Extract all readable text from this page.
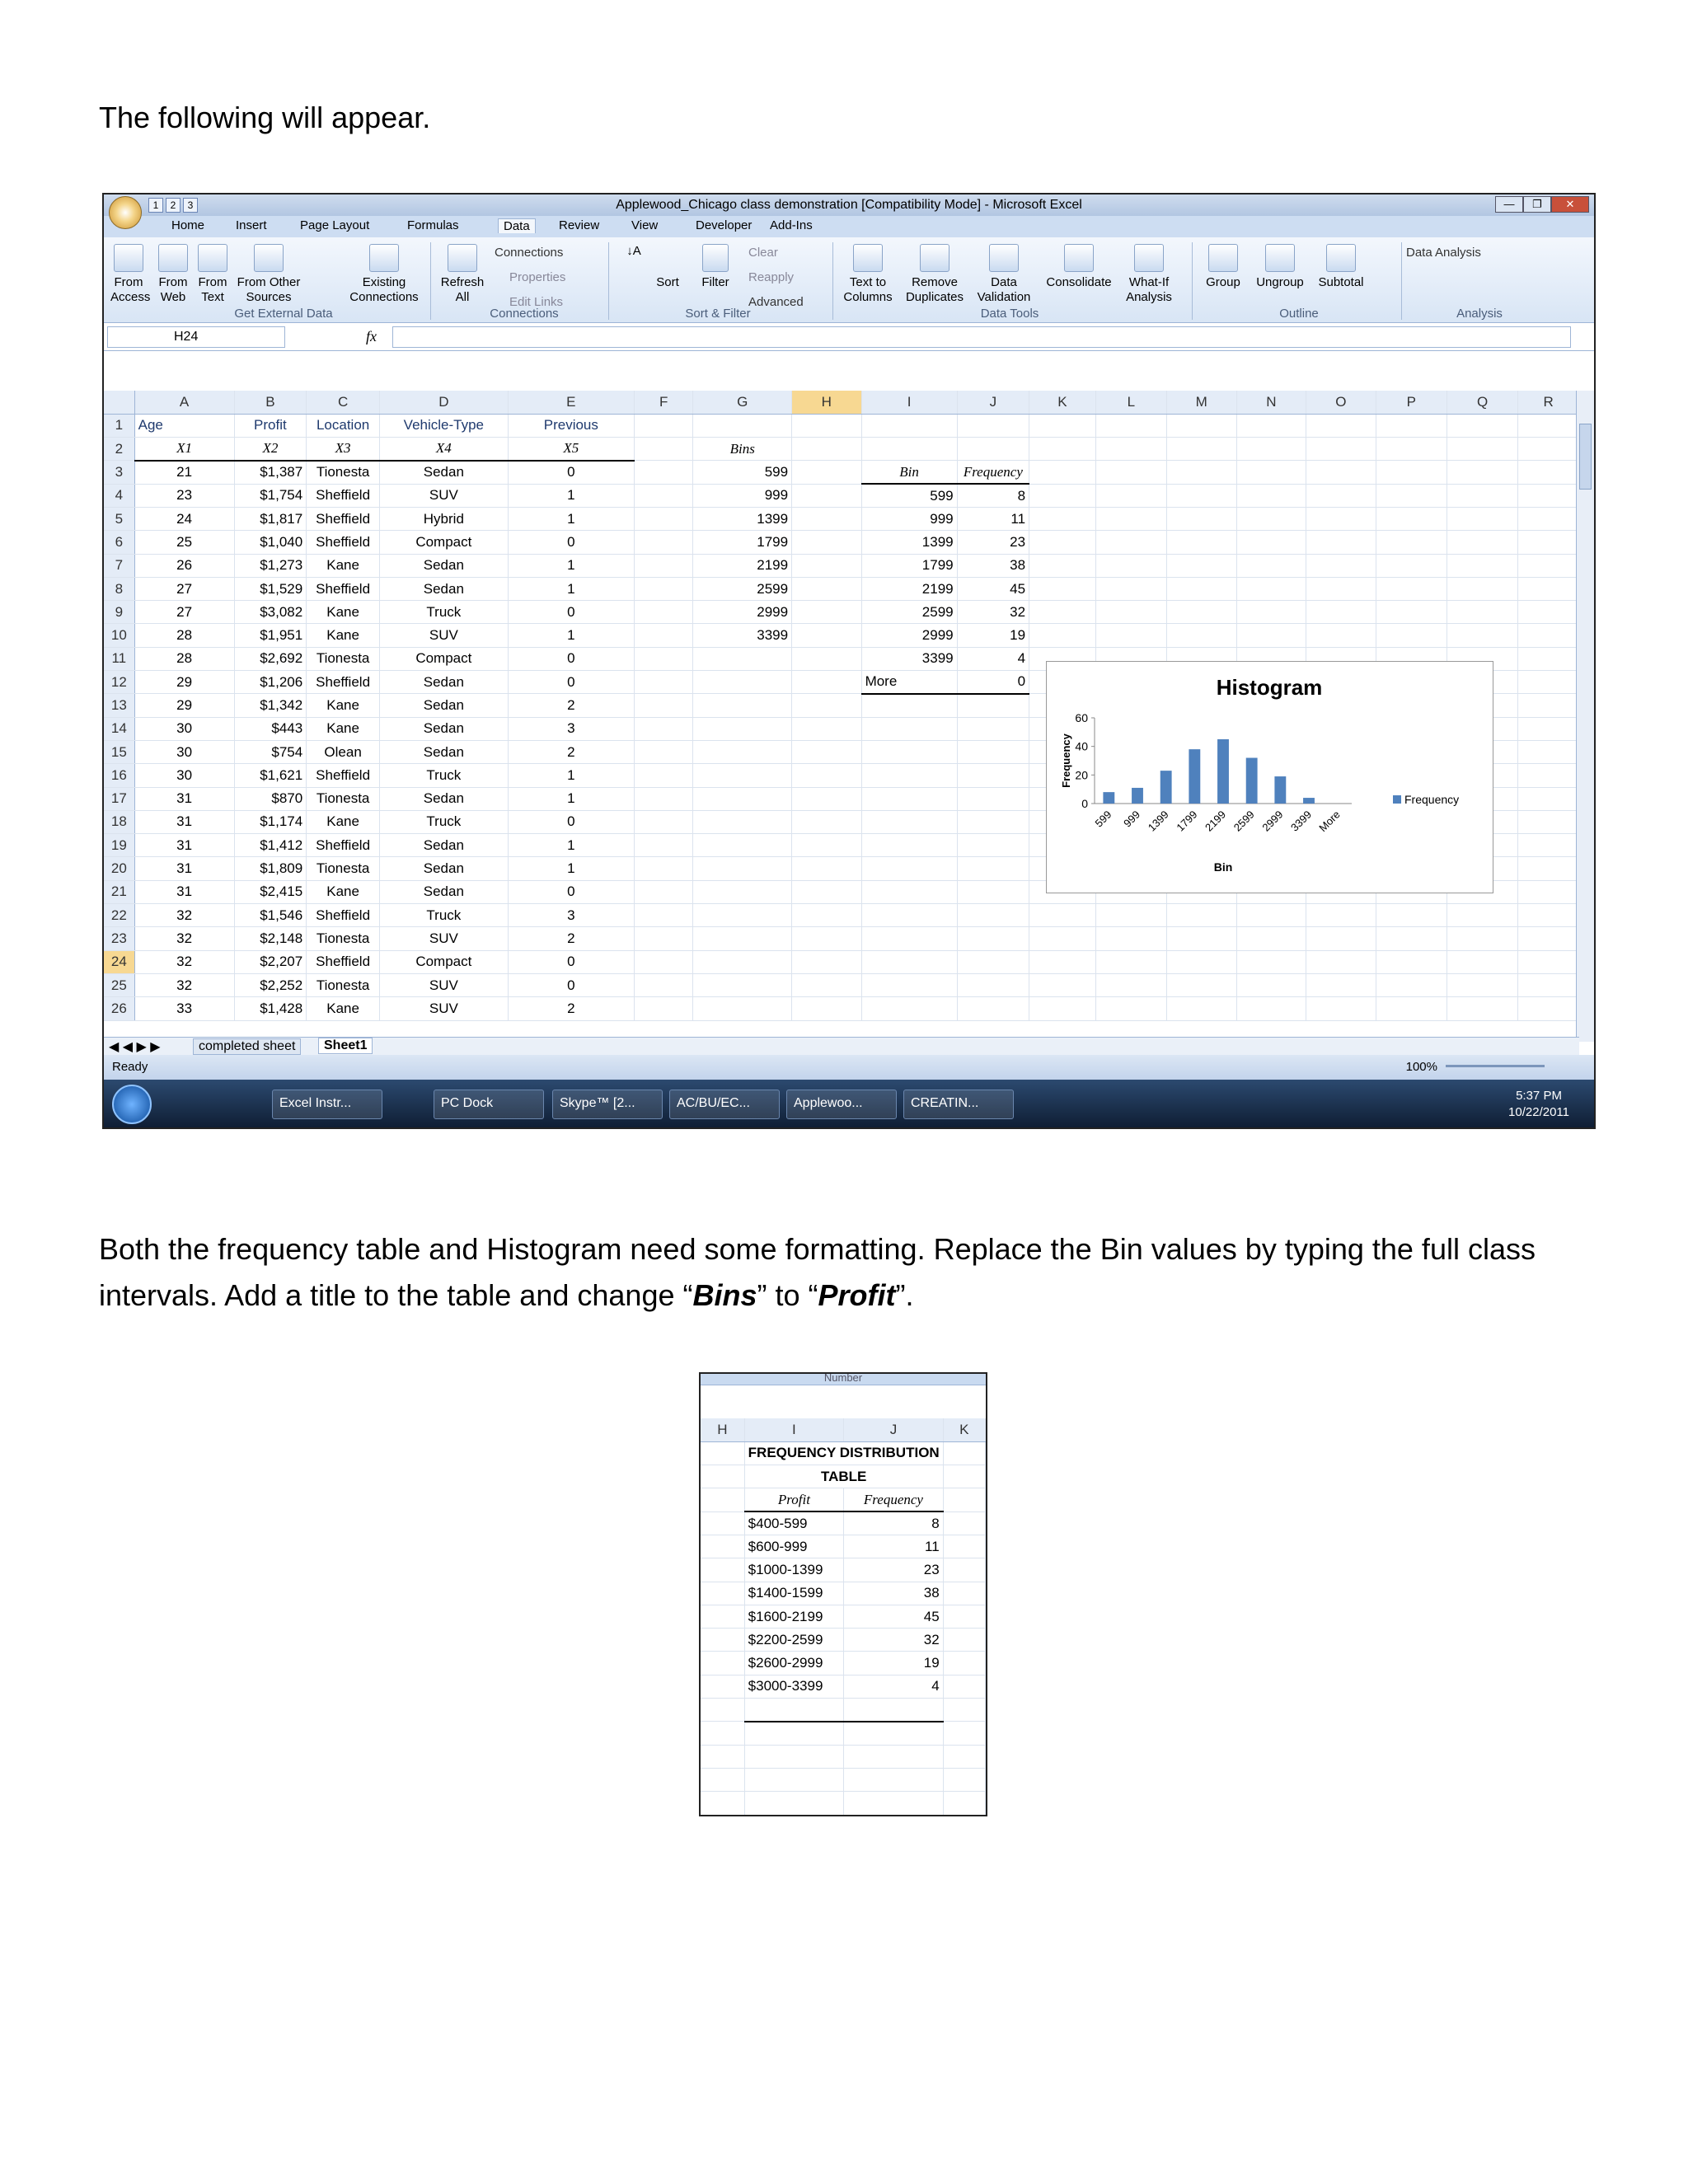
The following will appear.
1	2	3	Applewood_Chicago class demonstration [Compatibility Mode] - Microsoft Excel	—	❐	✕
Home	Insert	Page Layout	Formulas	Data	Review	View	Developer Add-Ins
From Access
From Web
From Text
From Other Sources
Existing Connections
Get External Data
Refresh All
Connections
Properties
Edit Links
Connections
↓A
Sort	Filter
Clear
Reapply
Advanced
Sort & Filter
Text to Columns
Remove Duplicates
Data Validation
Consolidate	What-If Analysis
Data Tools
Group	Ungroup	Subtotal
Outline
Data Analysis
Analysis
H24	fx
	A	B	C	D	E	F	G	H	I	J	K	L	M	N	O	P	Q	R
1	Age	Profit	Location	Vehicle-Type	Previous													
2	X1	X2	X3	X4	X5		Bins											
3	21	$1,387	Tionesta	Sedan	0		599		Bin	Frequency								
4	23	$1,754	Sheffield	SUV	1		999		599	8								
5	24	$1,817	Sheffield	Hybrid	1		1399		999	11								
6	25	$1,040	Sheffield	Compact	0		1799		1399	23								
7	26	$1,273	Kane	Sedan	1		2199		1799	38								
8	27	$1,529	Sheffield	Sedan	1		2599		2199	45								
9	27	$3,082	Kane	Truck	0		2999		2599	32								
10	28	$1,951	Kane	SUV	1		3399		2999	19								
11	28	$2,692	Tionesta	Compact	0				3399	4								
12	29	$1,206	Sheffield	Sedan	0				More	0								
13	29	$1,342	Kane	Sedan	2													
14	30	$443	Kane	Sedan	3													
15	30	$754	Olean	Sedan	2													
16	30	$1,621	Sheffield	Truck	1													
17	31	$870	Tionesta	Sedan	1													
18	31	$1,174	Kane	Truck	0													
19	31	$1,412	Sheffield	Sedan	1													
20	31	$1,809	Tionesta	Sedan	1													
21	31	$2,415	Kane	Sedan	0													
22	32	$1,546	Sheffield	Truck	3													
23	32	$2,148	Tionesta	SUV	2													
24	32	$2,207	Sheffield	Compact	0													
25	32	$2,252	Tionesta	SUV	0													
26	33	$1,428	Kane	SUV	2													
Histogram
0
20
40
60
Frequency
599 999 1399 1799 2199 2599 2999 3399 More
Bin
Frequency
◀ ◀ ▶ ▶	completed sheet	Sheet1
Ready	100%
Excel Instr...	PC Dock	Skype™ [2...	AC/BU/EC...	Applewoo...	CREATIN...
5:37 PM
10/22/2011
Both the frequency table and Histogram need some formatting. Replace the Bin values by typing the full class intervals. Add a title to the table and change “Bins” to “Profit”.
Number
H	I	J	K
	FREQUENCY DISTRIBUTION		
	TABLE		
	Profit	Frequency	
	$400-599	8	
	$600-999	11	
	$1000-1399	23	
	$1400-1599	38	
	$1600-2199	45	
	$2200-2599	32	
	$2600-2999	19	
	$3000-3399	4	
